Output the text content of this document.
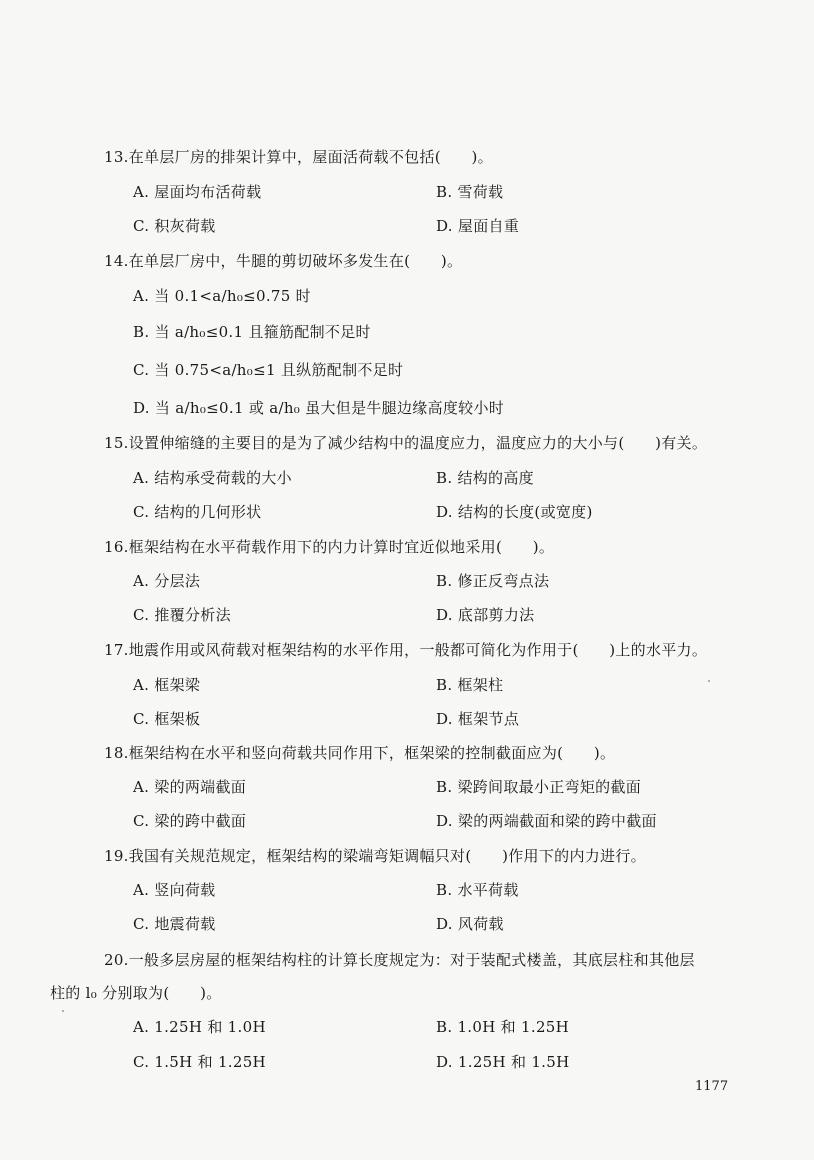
13.在单层厂房的排架计算中，屋面活荷载不包括(　　)。
A. 屋面均布活荷载	B. 雪荷载
C. 积灰荷载	D. 屋面自重
14.在单层厂房中，牛腿的剪切破坏多发生在(　　)。
A. 当 0.1<a/h₀≤0.75 时
B. 当 a/h₀≤0.1 且箍筋配制不足时
C. 当 0.75<a/h₀≤1 且纵筋配制不足时
D. 当 a/h₀≤0.1 或 a/h₀ 虽大但是牛腿边缘高度较小时
15.设置伸缩缝的主要目的是为了减少结构中的温度应力，温度应力的大小与(　　)有关。
A. 结构承受荷载的大小	B. 结构的高度
C. 结构的几何形状	D. 结构的长度(或宽度)
16.框架结构在水平荷载作用下的内力计算时宜近似地采用(　　)。
A. 分层法	B. 修正反弯点法
C. 推覆分析法	D. 底部剪力法
17.地震作用或风荷载对框架结构的水平作用，一般都可简化为作用于(　　)上的水平力。
A. 框架梁	B. 框架柱
C. 框架板	D. 框架节点
18.框架结构在水平和竖向荷载共同作用下，框架梁的控制截面应为(　　)。
A. 梁的两端截面	B. 梁跨间取最小正弯矩的截面
C. 梁的跨中截面	D. 梁的两端截面和梁的跨中截面
19.我国有关规范规定，框架结构的梁端弯矩调幅只对(　　)作用下的内力进行。
A. 竖向荷载	B. 水平荷载
C. 地震荷载	D. 风荷载
20.一般多层房屋的框架结构柱的计算长度规定为：对于装配式楼盖，其底层柱和其他层
柱的 l₀ 分别取为(　　)。
A. 1.25H 和 1.0H	B. 1.0H 和 1.25H
C. 1.5H 和 1.25H	D. 1.25H 和 1.5H
1177
